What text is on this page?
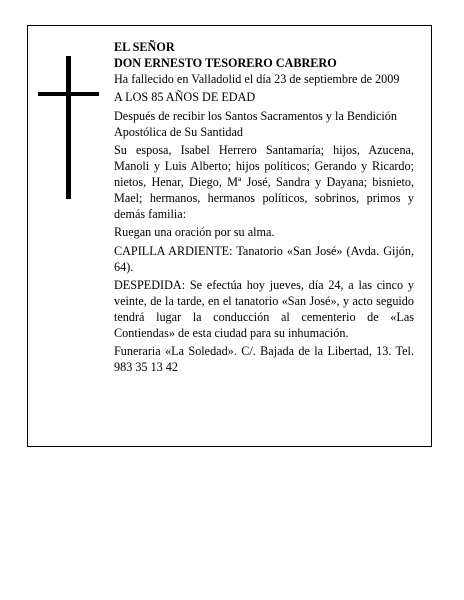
EL SEÑOR

DON ERNESTO TESORERO CABRERO

Ha fallecido en Valladolid el día 23 de septiembre de 2009

A LOS 85 AÑOS DE EDAD

Después de recibir los Santos Sacramentos y la Bendición Apostólica de Su Santidad

Su esposa, Isabel Herrero Santamaría; hijos, Azucena, Manoli y Luis Alberto; hijos políticos; Gerando y Ricardo; nietos, Henar, Diego, Mª José, Sandra y Dayana; bisnieto, Mael; hermanos, hermanos políticos, sobrinos, primos y demás familia:

Ruegan una oración por su alma.

CAPILLA ARDIENTE: Tanatorio «San José» (Avda. Gijón, 64).

DESPEDIDA: Se efectúa hoy jueves, día 24, a las cinco y veinte, de la tarde, en el tanatorio «San José», y acto seguido tendrá lugar la conducción al cementerio de «Las Contiendas» de esta ciudad para su inhumación.

Funeraria «La Soledad». C/. Bajada de la Libertad, 13. Tel. 983 35 13 42
